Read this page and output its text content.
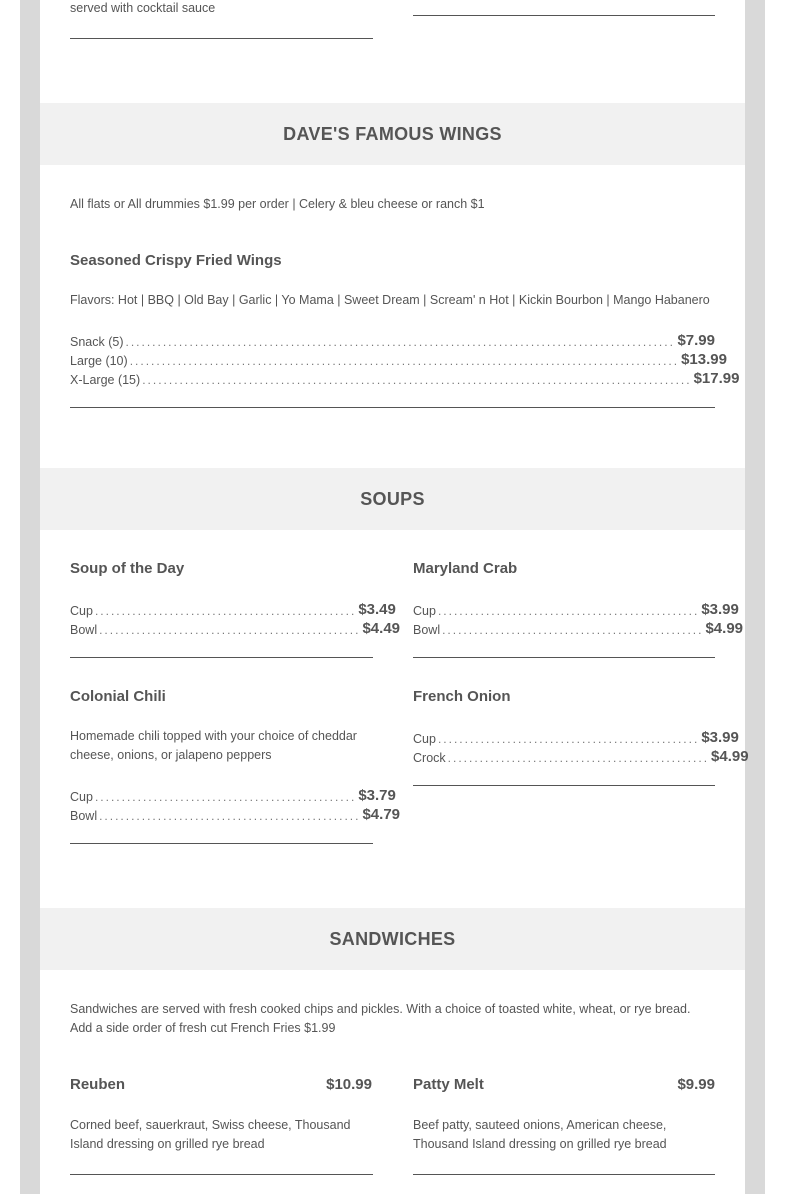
served with cocktail sauce
DAVE'S FAMOUS WINGS
All flats or All drummies $1.99 per order | Celery & bleu cheese or ranch $1
Seasoned Crispy Fried Wings
Flavors: Hot | BBQ | Old Bay | Garlic | Yo Mama | Sweet Dream | Scream' n Hot | Kickin Bourbon | Mango Habanero
Snack (5) ....................................................................................................... $7.99
Large (10) ....................................................................................................... $13.99
X-Large (15) ....................................................................................................... $17.99
SOUPS
Soup of the Day
Cup ................................................. $3.49
Bowl ................................................. $4.49
Maryland Crab
Cup ................................................. $3.99
Bowl ................................................. $4.99
Colonial Chili
Homemade chili topped with your choice of cheddar cheese, onions, or jalapeno peppers
Cup ................................................. $3.79
Bowl ................................................. $4.79
French Onion
Cup ................................................. $3.99
Crock ................................................. $4.99
SANDWICHES
Sandwiches are served with fresh cooked chips and pickles. With a choice of toasted white, wheat, or rye bread. Add a side order of fresh cut French Fries $1.99
Reuben	$10.99
Corned beef, sauerkraut, Swiss cheese, Thousand Island dressing on grilled rye bread
Patty Melt	$9.99
Beef patty, sauteed onions, American cheese, Thousand Island dressing on grilled rye bread
